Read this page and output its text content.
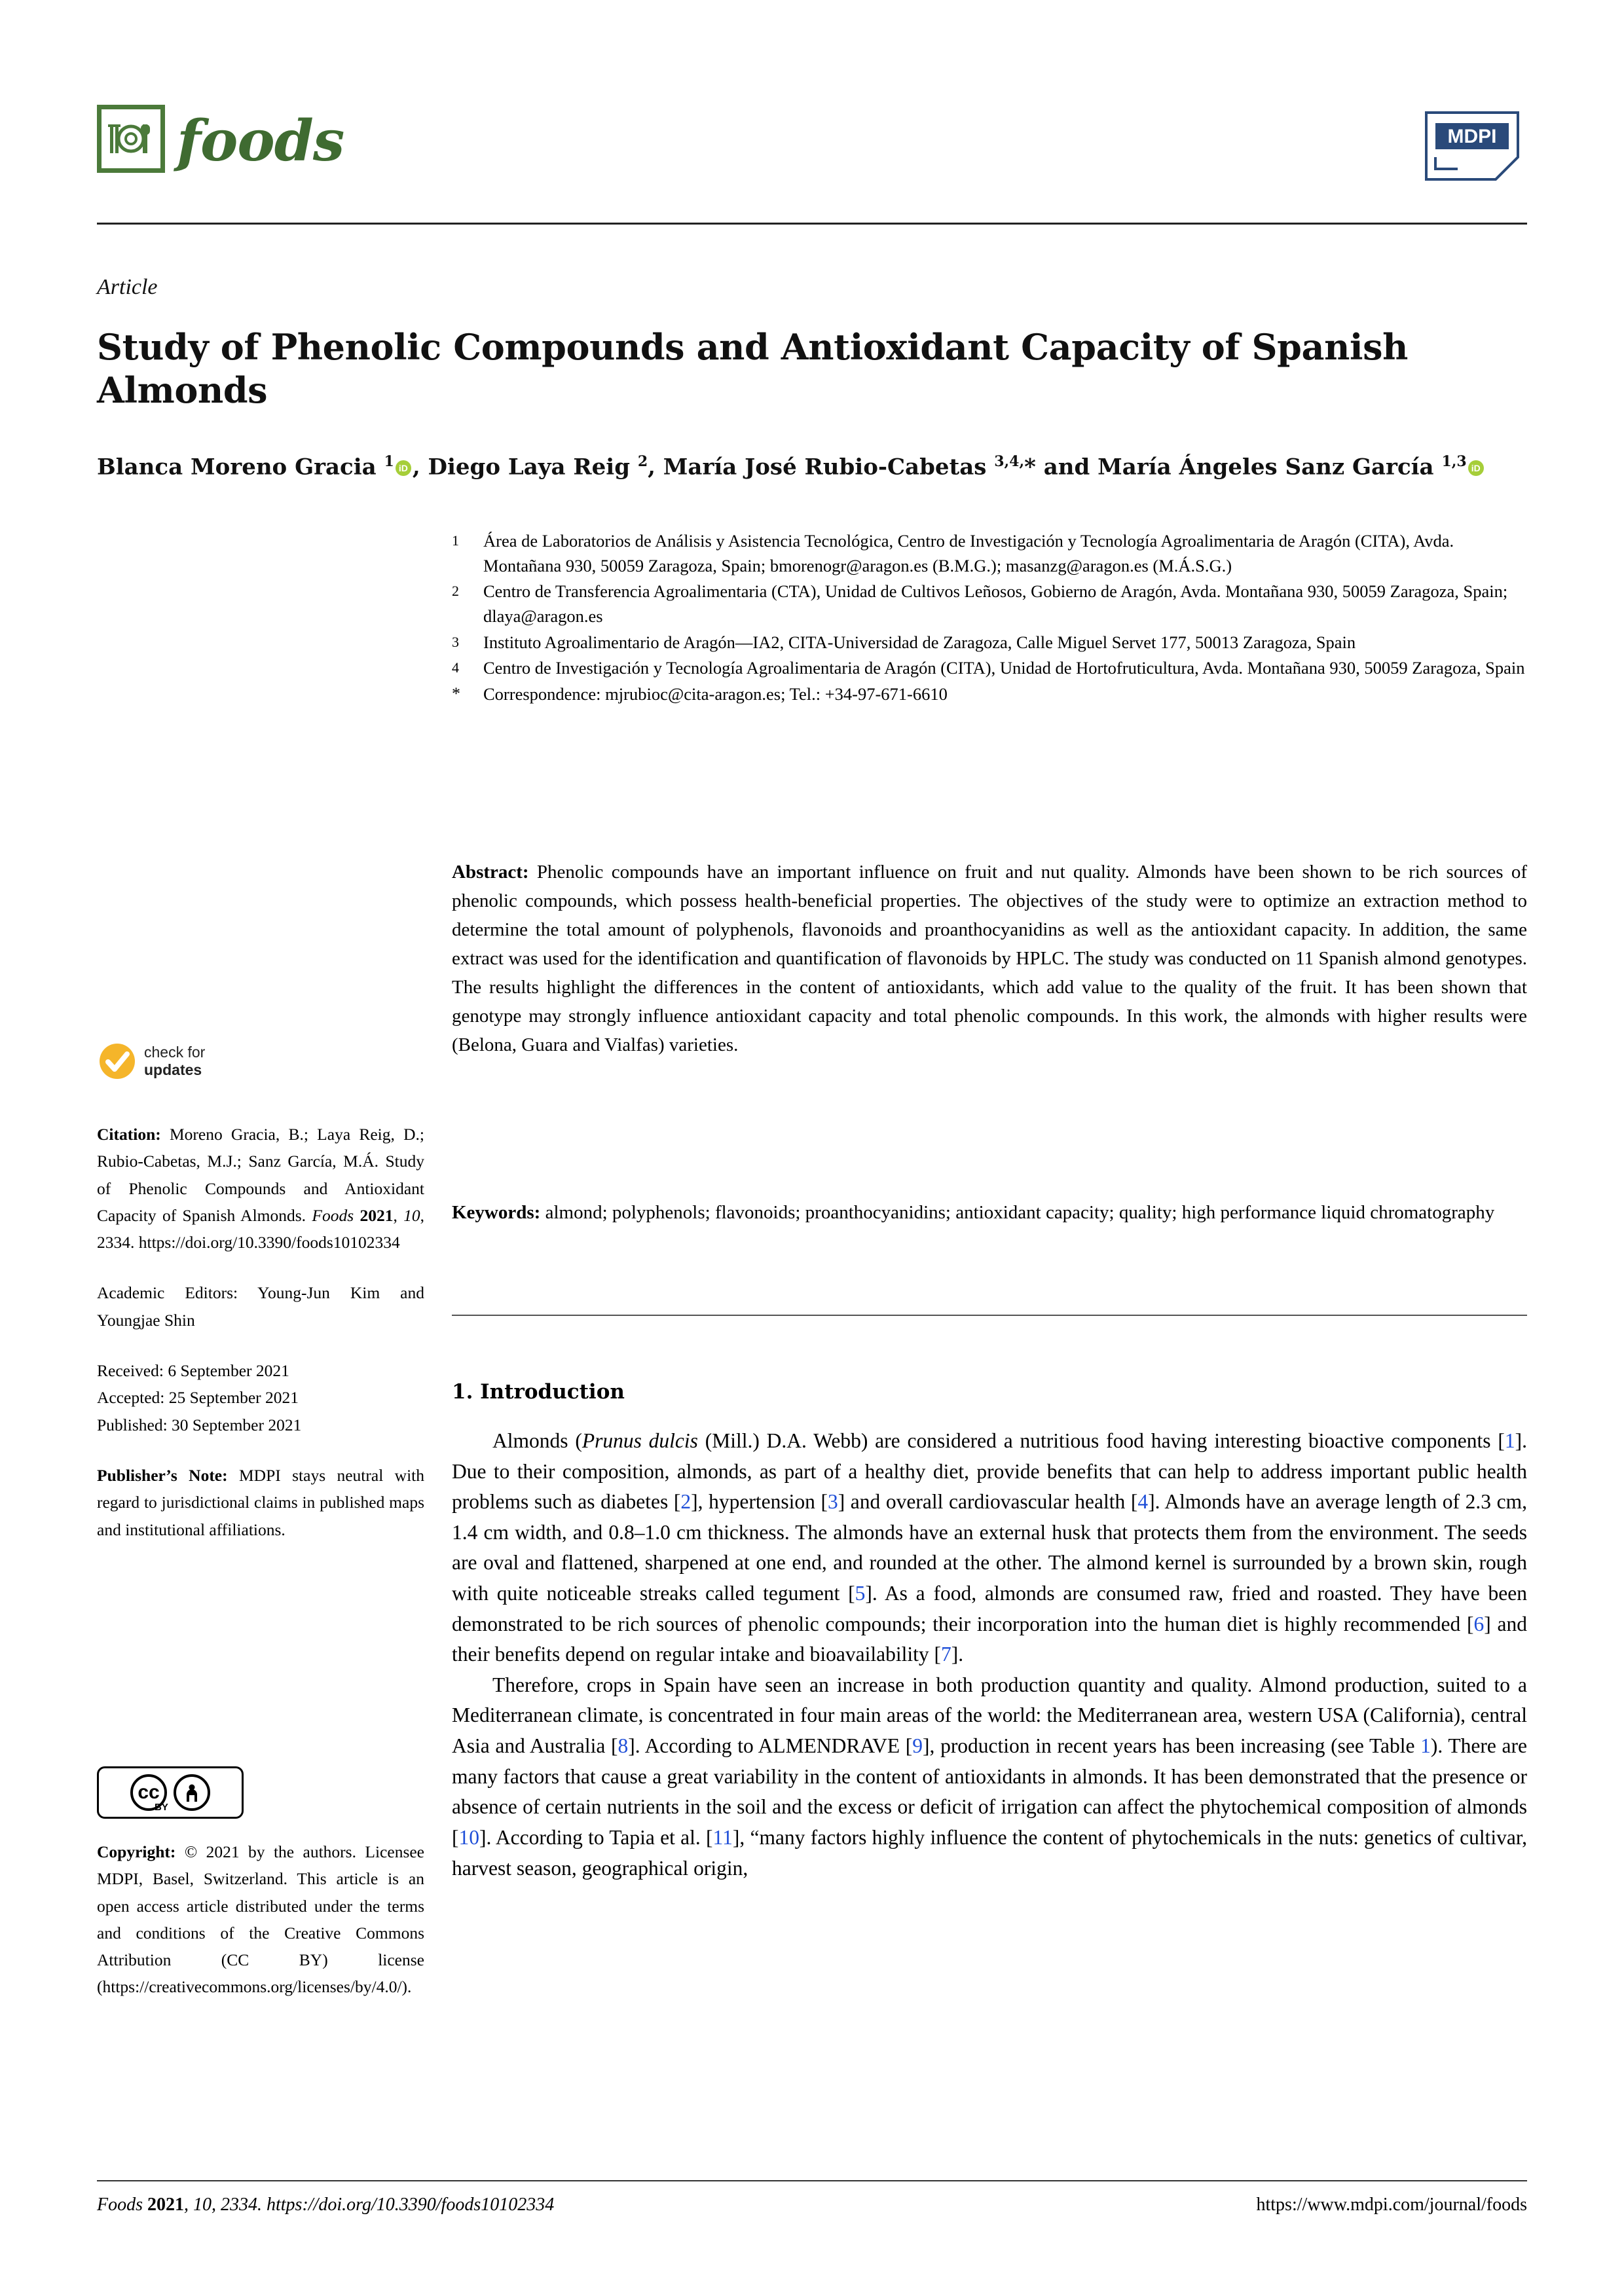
foods	MDPI
Article
Study of Phenolic Compounds and Antioxidant Capacity of Spanish Almonds
Blanca Moreno Gracia $^1$ iD , Diego Laya Reig $^2$, María José Rubio-Cabetas $^{3,4,}$* and María Ángeles Sanz García $^{1,3}$iD
1	Área de Laboratorios de Análisis y Asistencia Tecnológica, Centro de Investigación y Tecnología Agroalimentaria de Aragón (CITA), Avda. Montañana 930, 50059 Zaragoza, Spain; bmorenogr@aragon.es (B.M.G.); masanzg@aragon.es (M.Á.S.G.)
2	Centro de Transferencia Agroalimentaria (CTA), Unidad de Cultivos Leñosos, Gobierno de Aragón, Avda. Montañana 930, 50059 Zaragoza, Spain; dlaya@aragon.es
3	Instituto Agroalimentario de Aragón—IA2, CITA-Universidad de Zaragoza, Calle Miguel Servet 177, 50013 Zaragoza, Spain
4	Centro de Investigación y Tecnología Agroalimentaria de Aragón (CITA), Unidad de Hortofruticultura, Avda. Montañana 930, 50059 Zaragoza, Spain
*	Correspondence: mjrubioc@cita-aragon.es; Tel.: +34-97-671-6610
Abstract: Phenolic compounds have an important influence on fruit and nut quality. Almonds have been shown to be rich sources of phenolic compounds, which possess health-beneficial properties. The objectives of the study were to optimize an extraction method to determine the total amount of polyphenols, flavonoids and proanthocyanidins as well as the antioxidant capacity. In addition, the same extract was used for the identification and quantification of flavonoids by HPLC. The study was conducted on 11 Spanish almond genotypes. The results highlight the differences in the content of antioxidants, which add value to the quality of the fruit. It has been shown that genotype may strongly influence antioxidant capacity and total phenolic compounds. In this work, the almonds with higher results were (Belona, Guara and Vialfas) varieties.
Keywords: almond; polyphenols; flavonoids; proanthocyanidins; antioxidant capacity; quality; high performance liquid chromatography
1. Introduction

Almonds (Prunus dulcis (Mill.) D.A. Webb) are considered a nutritious food having interesting bioactive components [1]. Due to their composition, almonds, as part of a healthy diet, provide benefits that can help to address important public health problems such as diabetes [2], hypertension [3] and overall cardiovascular health [4]. Almonds have an average length of 2.3 cm, 1.4 cm width, and 0.8–1.0 cm thickness. The almonds have an external husk that protects them from the environment. The seeds are oval and flattened, sharpened at one end, and rounded at the other. The almond kernel is surrounded by a brown skin, rough with quite noticeable streaks called tegument [5]. As a food, almonds are consumed raw, fried and roasted. They have been demonstrated to be rich sources of phenolic compounds; their incorporation into the human diet is highly recommended [6] and their benefits depend on regular intake and bioavailability [7].

Therefore, crops in Spain have seen an increase in both production quantity and quality. Almond production, suited to a Mediterranean climate, is concentrated in four main areas of the world: the Mediterranean area, western USA (California), central Asia and Australia [8]. According to ALMENDRAVE [9], production in recent years has been increasing (see Table 1). There are many factors that cause a great variability in the content of antioxidants in almonds. It has been demonstrated that the presence or absence of certain nutrients in the soil and the excess or deficit of irrigation can affect the phytochemical composition of almonds [10]. According to Tapia et al. [11], “many factors highly influence the content of phytochemicals in the nuts: genetics of cultivar, harvest season, geographical origin,

check for
updates
Citation: Moreno Gracia, B.; Laya Reig, D.; Rubio-Cabetas, M.J.; Sanz García, M.Á. Study of Phenolic Compounds and Antioxidant Capacity of Spanish Almonds. Foods 2021, 10, 2334. https://doi.org/10.3390/foods10102334
Academic Editors: Young-Jun Kim and Youngjae Shin
Received: 6 September 2021
Accepted: 25 September 2021
Published: 30 September 2021
Publisher’s Note: MDPI stays neutral with regard to jurisdictional claims in published maps and institutional affiliations.
cc
BY
Copyright: © 2021 by the authors. Licensee MDPI, Basel, Switzerland. This article is an open access article distributed under the terms and conditions of the Creative Commons Attribution (CC BY) license (https://creativecommons.org/licenses/by/4.0/).
Foods 2021, 10, 2334. https://doi.org/10.3390/foods10102334	https://www.mdpi.com/journal/foods
